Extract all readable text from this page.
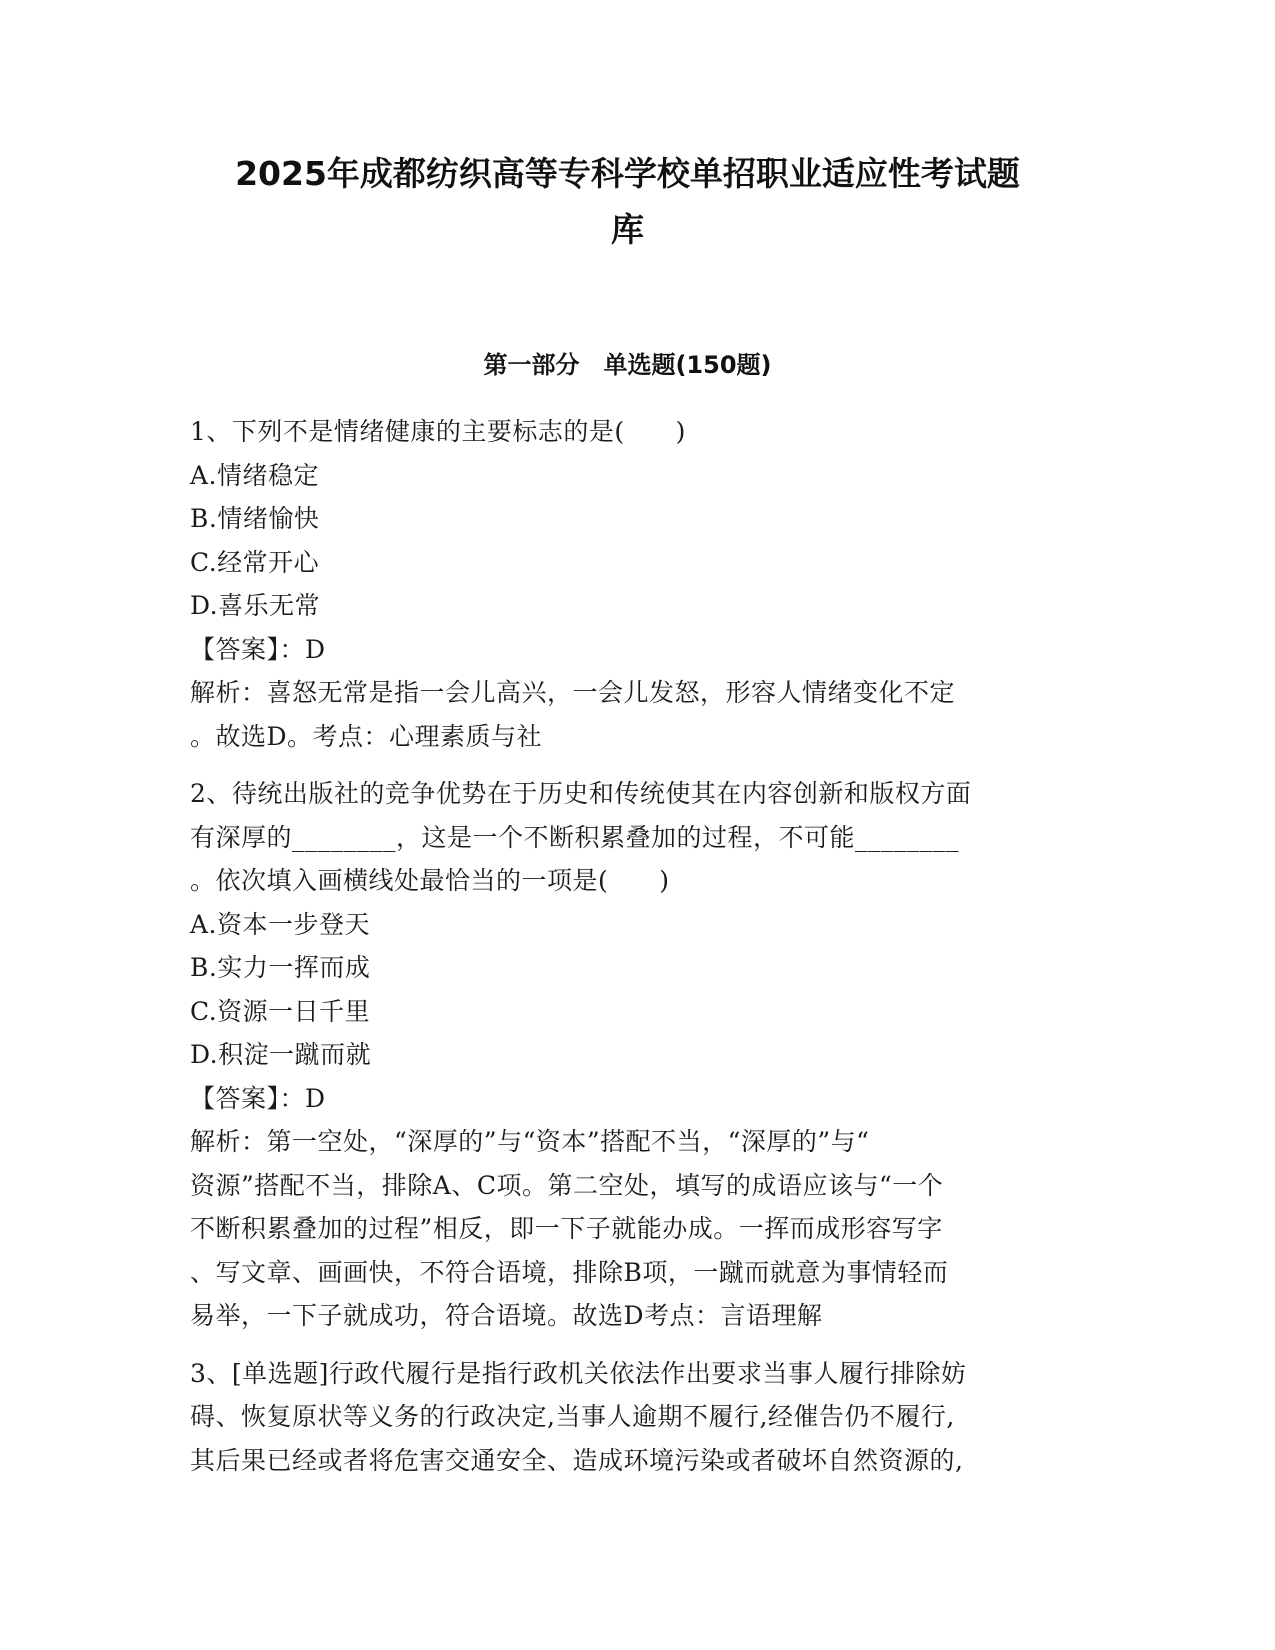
2025年成都纺织高等专科学校单招职业适应性考试题
库
第一部分　单选题(150题)
1、下列不是情绪健康的主要标志的是(　　)
A.情绪稳定
B.情绪愉快
C.经常开心
D.喜乐无常
【答案】：D
解析：喜怒无常是指一会儿高兴，一会儿发怒，形容人情绪变化不定
。故选D。考点：心理素质与社
2、待统出版社的竞争优势在于历史和传统使其在内容创新和版权方面
有深厚的________，这是一个不断积累叠加的过程，不可能________
。依次填入画横线处最恰当的一项是(　　)
A.资本一步登天
B.实力一挥而成
C.资源一日千里
D.积淀一蹴而就
【答案】：D
解析：第一空处，“深厚的”与“资本”搭配不当，“深厚的”与“
资源”搭配不当，排除A、C项。第二空处，填写的成语应该与“一个
不断积累叠加的过程”相反，即一下子就能办成。一挥而成形容写字
、写文章、画画快，不符合语境，排除B项，一蹴而就意为事情轻而
易举，一下子就成功，符合语境。故选D考点：言语理解
3、[单选题]行政代履行是指行政机关依法作出要求当事人履行排除妨
碍、恢复原状等义务的行政决定,当事人逾期不履行,经催告仍不履行,
其后果已经或者将危害交通安全、造成环境污染或者破坏自然资源的,
